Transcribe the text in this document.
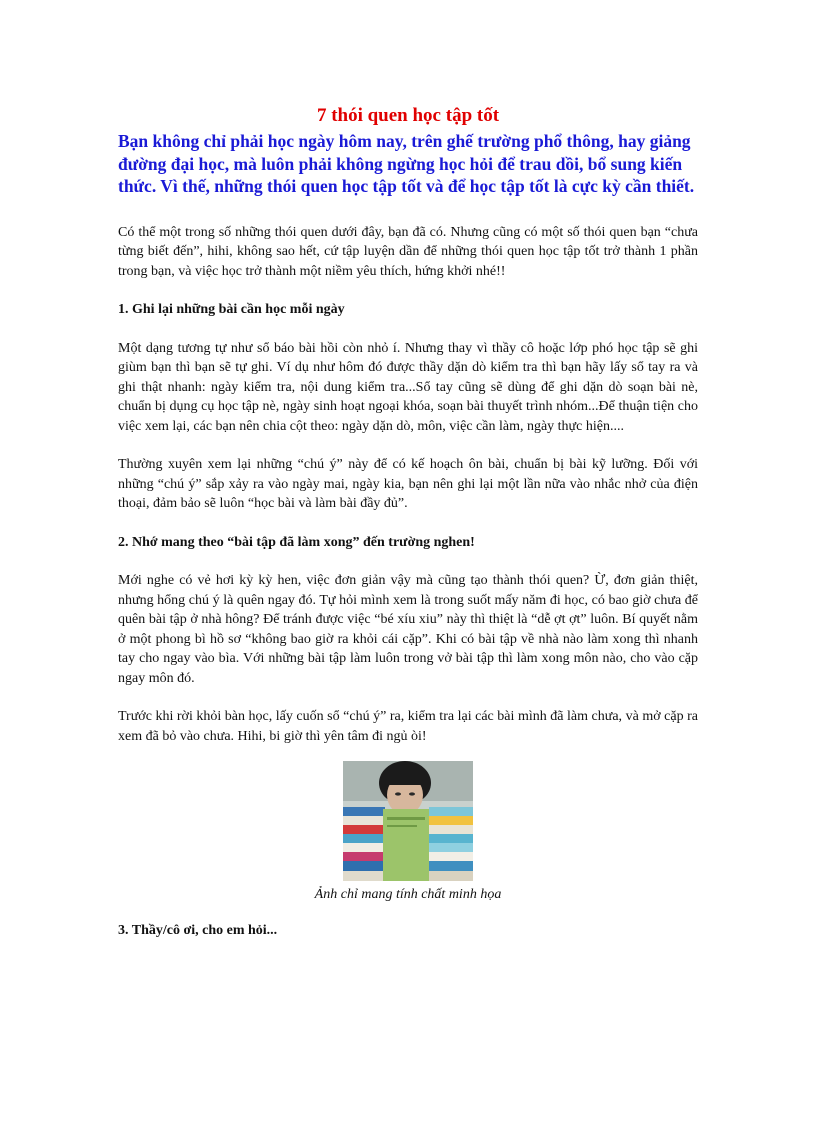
7 thói quen học tập tốt

Bạn không chỉ phải học ngày hôm nay, trên ghế trường phổ thông, hay giảng đường đại học, mà luôn phải không ngừng học hỏi để trau dồi, bổ sung kiến thức. Vì thế, những thói quen học tập tốt và để học tập tốt là cực kỳ cần thiết.

Có thể một trong số những thói quen dưới đây, bạn đã có. Nhưng cũng có một số thói quen bạn “chưa từng biết đến”, hihi, không sao hết, cứ tập luyện dần để những thói quen học tập tốt trở thành 1 phần trong bạn, và việc học trở thành một niềm yêu thích, hứng khởi nhé!!

1. Ghi lại những bài cần học mỗi ngày

Một dạng tương tự như sổ báo bài hồi còn nhỏ í. Nhưng thay vì thầy cô hoặc lớp phó học tập sẽ ghi giùm bạn thì bạn sẽ tự ghi. Ví dụ như hôm đó được thầy dặn dò kiểm tra thì bạn hãy lấy sổ tay ra và ghi thật nhanh: ngày kiểm tra, nội dung kiểm tra...Sổ tay cũng sẽ dùng để ghi dặn dò soạn bài nè, chuẩn bị dụng cụ học tập nè, ngày sinh hoạt ngoại khóa, soạn bài thuyết trình nhóm...Để thuận tiện cho việc xem lại, các bạn nên chia cột theo: ngày dặn dò, môn, việc cần làm, ngày thực hiện....

Thường xuyên xem lại những “chú ý” này để có kế hoạch ôn bài, chuẩn bị bài kỹ lưỡng. Đối với những “chú ý” sắp xảy ra vào ngày mai, ngày kia, bạn nên ghi lại một lần nữa vào nhắc nhở của điện thoại, đảm bảo sẽ luôn “học bài và làm bài đầy đủ”.

2. Nhớ mang theo “bài tập đã làm xong” đến trường nghen!

Mới nghe có vẻ hơi kỳ kỳ hen, việc đơn giản vậy mà cũng tạo thành thói quen? Ừ, đơn giản thiệt, nhưng hổng chú ý là quên ngay đó. Tự hỏi mình xem là trong suốt mấy năm đi học, có bao giờ chưa để quên bài tập ở nhà hông? Để tránh được việc “bé xíu xiu” này thì thiệt là “dễ ợt ợt” luôn. Bí quyết nằm ở một phong bì hồ sơ “không bao giờ ra khỏi cái cặp”. Khi có bài tập về nhà nào làm xong thì nhanh tay cho ngay vào bìa. Với những bài tập làm luôn trong vở bài tập thì làm xong môn nào, cho vào cặp ngay môn đó.

Trước khi rời khỏi bàn học, lấy cuốn sổ “chú ý” ra, kiểm tra lại các bài mình đã làm chưa, và mở cặp ra xem đã bỏ vào chưa. Hihi, bi giờ thì yên tâm đi ngủ òi!

Ảnh chỉ mang tính chất minh họa
3. Thầy/cô ơi, cho em hỏi...
